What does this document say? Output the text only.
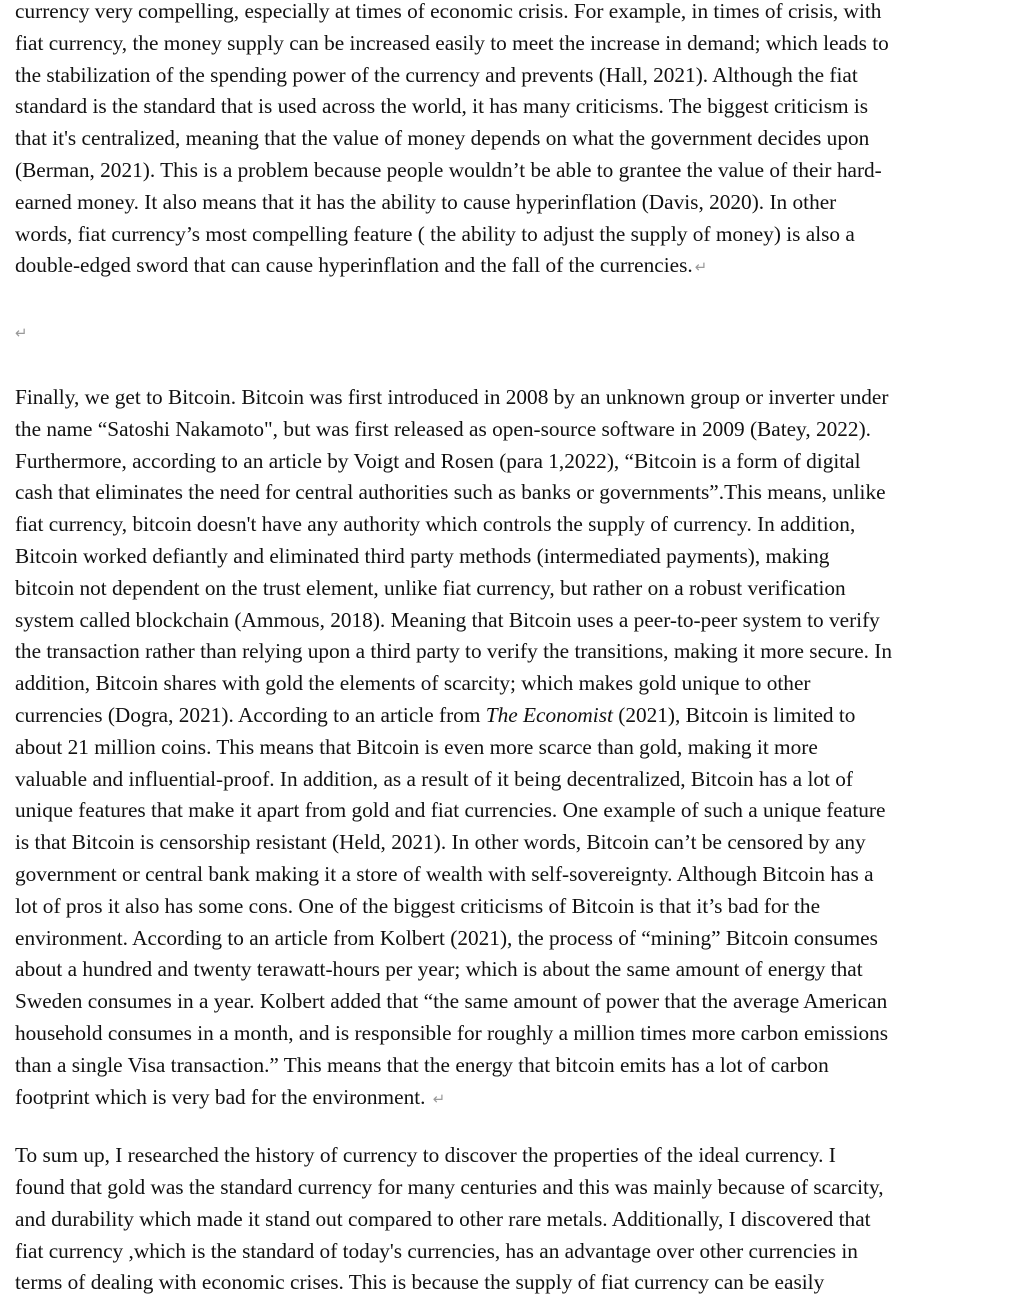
currency very compelling, especially at times of economic crisis. For example, in times of crisis, with
fiat currency, the money supply can be increased easily to meet the increase in demand; which leads to
the stabilization of the spending power of the currency and prevents (Hall, 2021). Although the fiat
standard is the standard that is used across the world, it has many criticisms. The biggest criticism is
that it's centralized, meaning that the value of money depends on what the government decides upon
(Berman, 2021). This is a problem because people wouldn’t be able to grantee the value of their hard-
earned money. It also means that it has the ability to cause hyperinflation (Davis, 2020). In other
words, fiat currency’s most compelling feature ( the ability to adjust the supply of money) is also a
double-edged sword that can cause hyperinflation and the fall of the currencies. ↵

↵

Finally, we get to Bitcoin. Bitcoin was first introduced in 2008 by an unknown group or inverter under
the name “Satoshi Nakamoto", but was first released as open-source software in 2009 (Batey, 2022).
Furthermore, according to an article by Voigt and Rosen (para 1,2022), “Bitcoin is a form of digital
cash that eliminates the need for central authorities such as banks or governments”.This means, unlike
fiat currency, bitcoin doesn't have any authority which controls the supply of currency. In addition,
Bitcoin worked defiantly and eliminated third party methods (intermediated payments), making
bitcoin not dependent on the trust element, unlike fiat currency, but rather on a robust verification
system called blockchain (Ammous, 2018). Meaning that Bitcoin uses a peer-to-peer system to verify
the transaction rather than relying upon a third party to verify the transitions, making it more secure. In
addition, Bitcoin shares with gold the elements of scarcity; which makes gold unique to other
currencies (Dogra, 2021). According to an article from The Economist (2021), Bitcoin is limited to
about 21 million coins. This means that Bitcoin is even more scarce than gold, making it more
valuable and influential-proof. In addition, as a result of it being decentralized, Bitcoin has a lot of
unique features that make it apart from gold and fiat currencies. One example of such a unique feature
is that Bitcoin is censorship resistant (Held, 2021). In other words, Bitcoin can’t be censored by any
government or central bank making it a store of wealth with self-sovereignty. Although Bitcoin has a
lot of pros it also has some cons. One of the biggest criticisms of Bitcoin is that it’s bad for the
environment. According to an article from Kolbert (2021), the process of “mining” Bitcoin consumes
about a hundred and twenty terawatt-hours per year; which is about the same amount of energy that
Sweden consumes in a year. Kolbert added that “the same amount of power that the average American
household consumes in a month, and is responsible for roughly a million times more carbon emissions
than a single Visa transaction.” This means that the energy that bitcoin emits has a lot of carbon
footprint which is very bad for the environment. ↵

To sum up, I researched the history of currency to discover the properties of the ideal currency. I
found that gold was the standard currency for many centuries and this was mainly because of scarcity,
and durability which made it stand out compared to other rare metals. Additionally, I discovered that
fiat currency ,which is the standard of today's currencies, has an advantage over other currencies in
terms of dealing with economic crises. This is because the supply of fiat currency can be easily
